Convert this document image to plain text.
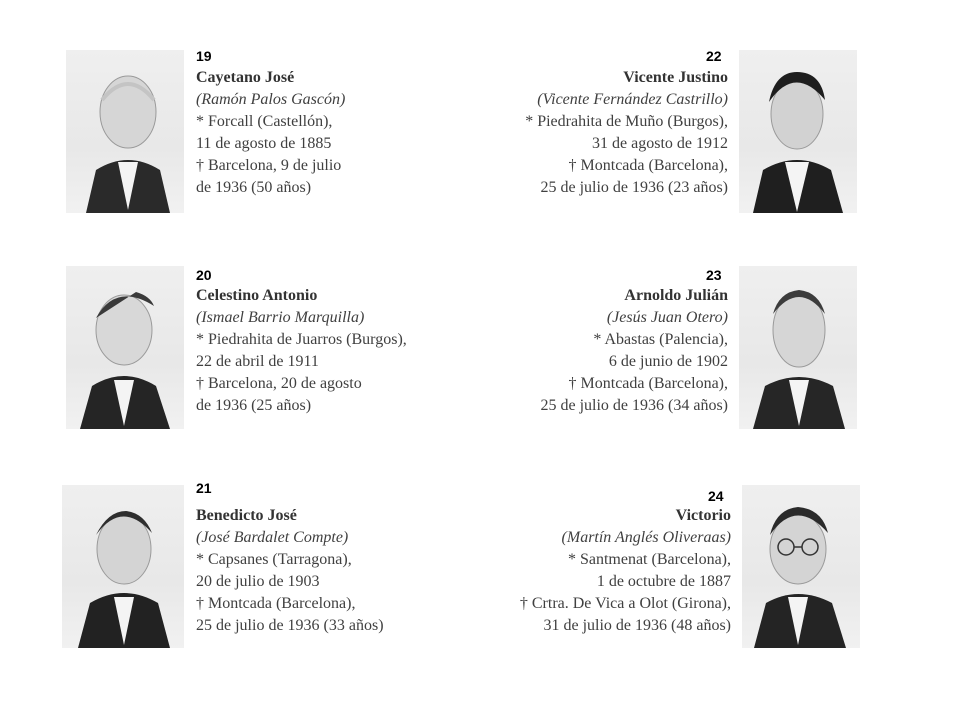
19
Cayetano José
(Ramón Palos Gascón)
* Forcall (Castellón),
11 de agosto de 1885
† Barcelona, 9 de julio
de 1936 (50 años)
20
Celestino Antonio
(Ismael Barrio Marquilla)
* Piedrahita de Juarros (Burgos),
22 de abril de 1911
† Barcelona, 20 de agosto
de 1936 (25 años)
21
Benedicto José
(José Bardalet Compte)
* Capsanes (Tarragona),
20 de julio de 1903
† Montcada (Barcelona),
25 de julio de 1936 (33 años)
22
Vicente Justino
(Vicente Fernández Castrillo)
* Piedrahita de Muño (Burgos),
31 de agosto de 1912
† Montcada (Barcelona),
25 de julio de 1936 (23 años)
23
Arnoldo Julián
(Jesús Juan Otero)
* Abastas (Palencia),
6 de junio de 1902
† Montcada (Barcelona),
25 de julio de 1936 (34 años)
24
Victorio
(Martín Anglés Oliveraas)
* Santmenat (Barcelona),
1 de octubre de 1887
† Crtra. De Vica a Olot (Girona),
31 de julio de 1936 (48 años)
